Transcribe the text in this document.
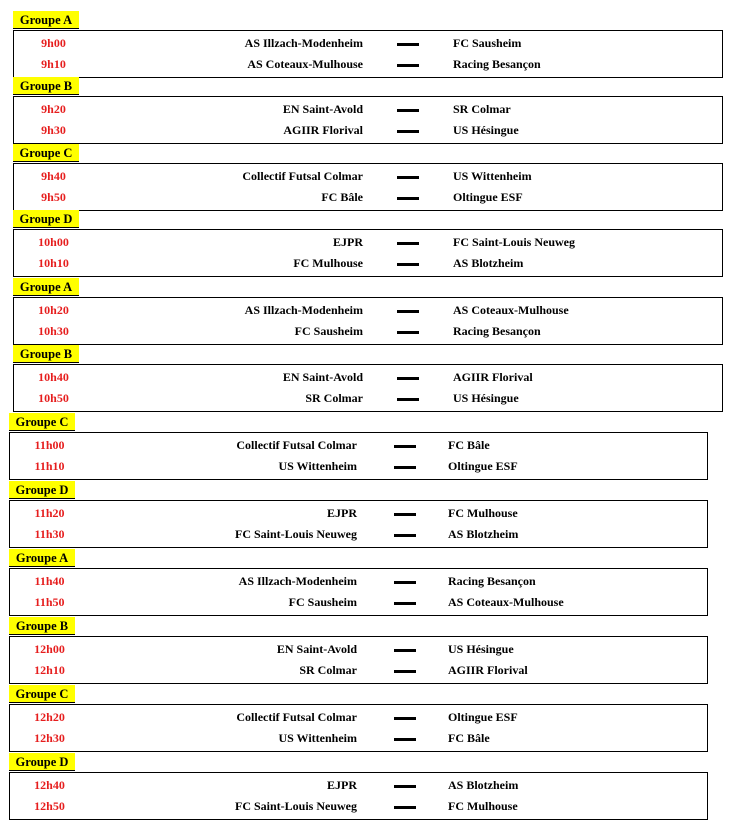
Groupe A
9h00	AS Illzach-Modenheim	FC Sausheim
9h10	AS Coteaux-Mulhouse	Racing Besançon
Groupe B
9h20	EN Saint-Avold	SR Colmar
9h30	AGIIR Florival	US Hésingue
Groupe C
9h40	Collectif Futsal Colmar	US Wittenheim
9h50	FC Bâle	Oltingue ESF
Groupe D
10h00	EJPR	FC Saint-Louis Neuweg
10h10	FC Mulhouse	AS Blotzheim
Groupe A
10h20	AS Illzach-Modenheim	AS Coteaux-Mulhouse
10h30	FC Sausheim	Racing Besançon
Groupe B
10h40	EN Saint-Avold	AGIIR Florival
10h50	SR Colmar	US Hésingue
Groupe C
11h00	Collectif Futsal Colmar	FC Bâle
11h10	US Wittenheim	Oltingue ESF
Groupe D
11h20	EJPR	FC Mulhouse
11h30	FC Saint-Louis Neuweg	AS Blotzheim
Groupe A
11h40	AS Illzach-Modenheim	Racing Besançon
11h50	FC Sausheim	AS Coteaux-Mulhouse
Groupe B
12h00	EN Saint-Avold	US Hésingue
12h10	SR Colmar	AGIIR Florival
Groupe C
12h20	Collectif Futsal Colmar	Oltingue ESF
12h30	US Wittenheim	FC Bâle
Groupe D
12h40	EJPR	AS Blotzheim
12h50	FC Saint-Louis Neuweg	FC Mulhouse
